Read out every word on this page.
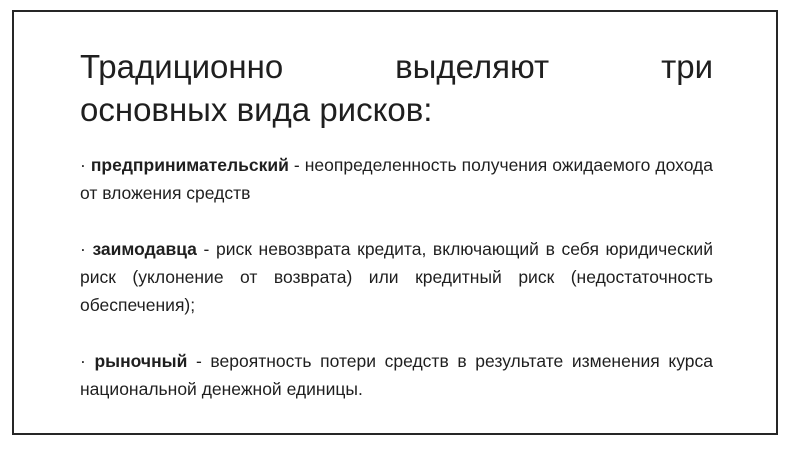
Традиционно выделяют три
основных вида рисков:

· предпринимательский - неопределенность получения ожидаемого дохода от вложения средств

· заимодавца - риск невозврата кредита, включающий в себя юридический риск (уклонение от возврата) или кредитный риск (недостаточность обеспечения);

· рыночный - вероятность потери средств в результате изменения курса национальной денежной единицы.
